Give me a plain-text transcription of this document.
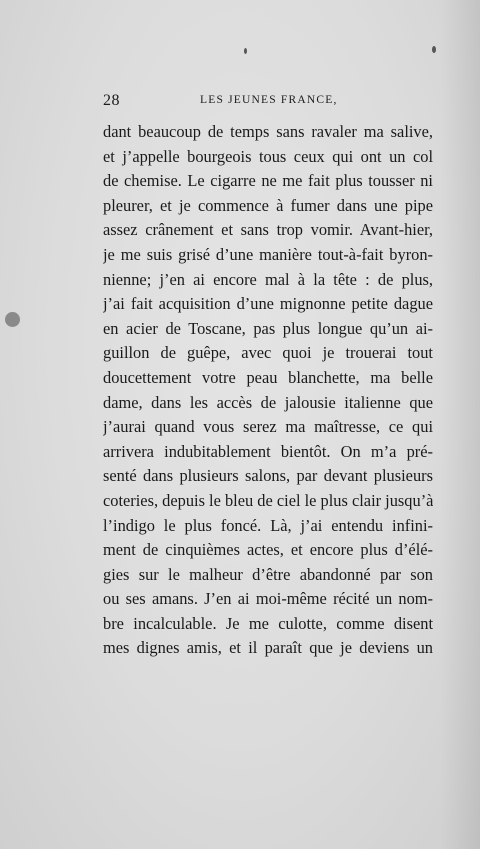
28	LES JEUNES FRANCE,
dant beaucoup de temps sans ravaler ma salive,
et j’appelle bourgeois tous ceux qui ont un col
de chemise. Le cigarre ne me fait plus tousser ni
pleurer, et je commence à fumer dans une pipe
assez crânement et sans trop vomir. Avant-hier,
je me suis grisé d’une manière tout-à-fait byron-
nienne; j’en ai encore mal à la tête : de plus,
j’ai fait acquisition d’une mignonne petite dague
en acier de Toscane, pas plus longue qu’un ai-
guillon de guêpe, avec quoi je trouerai tout
doucettement votre peau blanchette, ma belle
dame, dans les accès de jalousie italienne que
j’aurai quand vous serez ma maîtresse, ce qui
arrivera indubitablement bientôt. On m’a pré-
senté dans plusieurs salons, par devant plusieurs
coteries, depuis le bleu de ciel le plus clair jusqu’à
l’indigo le plus foncé. Là, j’ai entendu infini-
ment de cinquièmes actes, et encore plus d’élé-
gies sur le malheur d’être abandonné par son
ou ses amans. J’en ai moi-même récité un nom-
bre incalculable. Je me culotte, comme disent
mes dignes amis, et il paraît que je deviens un
